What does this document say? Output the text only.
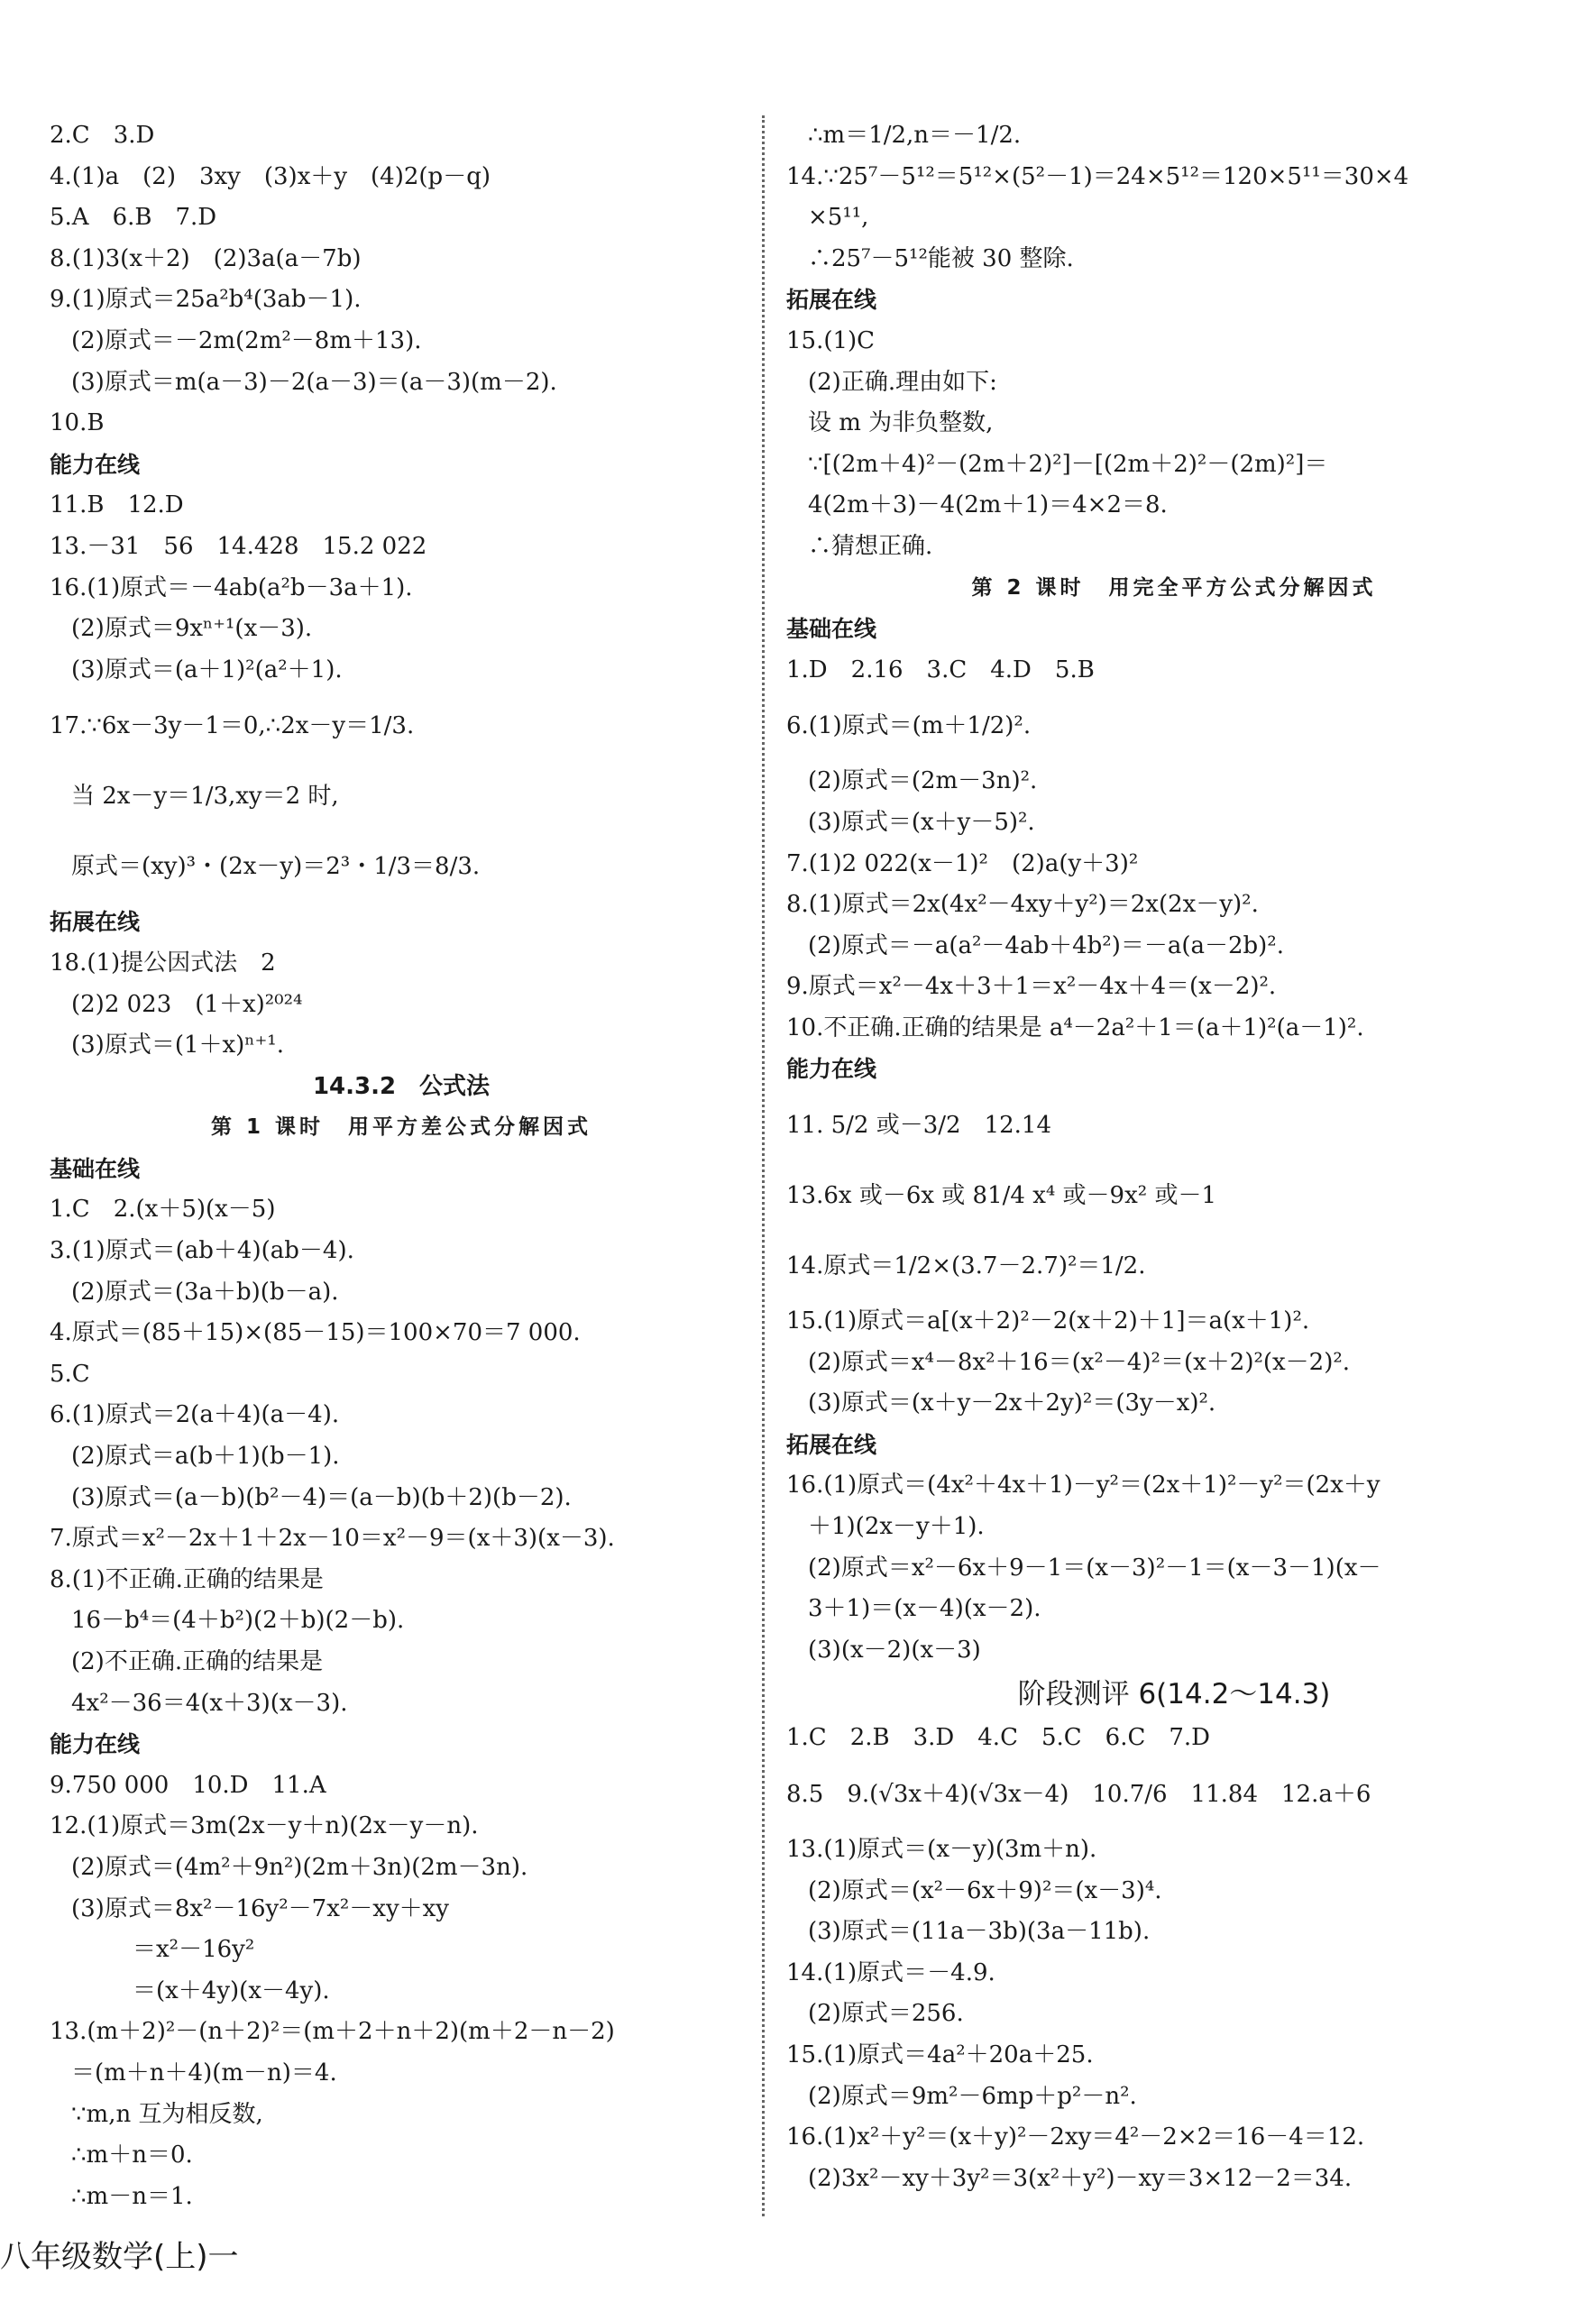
2.C　3.D
4.(1)a　(2)　3xy　(3)x＋y　(4)2(p－q)
5.A　6.B　7.D
8.(1)3(x＋2)　(2)3a(a－7b)
9.(1)原式＝25a²b⁴(3ab－1).
(2)原式＝－2m(2m²－8m＋13).
(3)原式＝m(a－3)－2(a－3)＝(a－3)(m－2).
10.B
能力在线
11.B　12.D
13.－31　56　14.428　15.2 022
16.(1)原式＝－4ab(a²b－3a＋1).
(2)原式＝9xⁿ⁺¹(x－3).
(3)原式＝(a＋1)²(a²＋1).
17.∵6x－3y－1＝0,∴2x－y＝1/3.
当 2x－y＝1/3,xy＝2 时,
原式＝(xy)³・(2x－y)＝2³・1/3＝8/3.
拓展在线
18.(1)提公因式法　2
(2)2 023　(1＋x)²⁰²⁴
(3)原式＝(1＋x)ⁿ⁺¹.
14.3.2　公式法
第 1 课时　用平方差公式分解因式
基础在线
1.C　2.(x＋5)(x－5)
3.(1)原式＝(ab＋4)(ab－4).
(2)原式＝(3a＋b)(b－a).
4.原式＝(85＋15)×(85－15)＝100×70＝7 000.
5.C
6.(1)原式＝2(a＋4)(a－4).
(2)原式＝a(b＋1)(b－1).
(3)原式＝(a－b)(b²－4)＝(a－b)(b＋2)(b－2).
7.原式＝x²－2x＋1＋2x－10＝x²－9＝(x＋3)(x－3).
8.(1)不正确.正确的结果是
16－b⁴＝(4＋b²)(2＋b)(2－b).
(2)不正确.正确的结果是
4x²－36＝4(x＋3)(x－3).
能力在线
9.750 000　10.D　11.A
12.(1)原式＝3m(2x－y＋n)(2x－y－n).
(2)原式＝(4m²＋9n²)(2m＋3n)(2m－3n).
(3)原式＝8x²－16y²－7x²－xy＋xy
＝x²－16y²
＝(x＋4y)(x－4y).
13.(m＋2)²－(n＋2)²＝(m＋2＋n＋2)(m＋2－n－2)
＝(m＋n＋4)(m－n)＝4.
∵m,n 互为相反数,
∴m＋n＝0.
∴m－n＝1.
∴m＝1/2,n＝－1/2.
14.∵25⁷－5¹²＝5¹²×(5²－1)＝24×5¹²＝120×5¹¹＝30×4
×5¹¹,
∴25⁷－5¹²能被 30 整除.
拓展在线
15.(1)C
(2)正确.理由如下:
设 m 为非负整数,
∵[(2m＋4)²－(2m＋2)²]－[(2m＋2)²－(2m)²]＝
4(2m＋3)－4(2m＋1)＝4×2＝8.
∴猜想正确.
第 2 课时　用完全平方公式分解因式
基础在线
1.D　2.16　3.C　4.D　5.B
6.(1)原式＝(m＋1/2)².
(2)原式＝(2m－3n)².
(3)原式＝(x＋y－5)².
7.(1)2 022(x－1)²　(2)a(y＋3)²
8.(1)原式＝2x(4x²－4xy＋y²)＝2x(2x－y)².
(2)原式＝－a(a²－4ab＋4b²)＝－a(a－2b)².
9.原式＝x²－4x＋3＋1＝x²－4x＋4＝(x－2)².
10.不正确.正确的结果是 a⁴－2a²＋1＝(a＋1)²(a－1)².
能力在线
11. 5/2 或－3/2　12.14
13.6x 或－6x 或 81/4 x⁴ 或－9x² 或－1
14.原式＝1/2×(3.7－2.7)²＝1/2.
15.(1)原式＝a[(x＋2)²－2(x＋2)＋1]＝a(x＋1)².
(2)原式＝x⁴－8x²＋16＝(x²－4)²＝(x＋2)²(x－2)².
(3)原式＝(x＋y－2x＋2y)²＝(3y－x)².
拓展在线
16.(1)原式＝(4x²＋4x＋1)－y²＝(2x＋1)²－y²＝(2x＋y
＋1)(2x－y＋1).
(2)原式＝x²－6x＋9－1＝(x－3)²－1＝(x－3－1)(x－
3＋1)＝(x－4)(x－2).
(3)(x－2)(x－3)
阶段测评 6(14.2～14.3)
1.C　2.B　3.D　4.C　5.C　6.C　7.D
8.5　9.(√3x＋4)(√3x－4)　10.7/6　11.84　12.a＋6
13.(1)原式＝(x－y)(3m＋n).
(2)原式＝(x²－6x＋9)²＝(x－3)⁴.
(3)原式＝(11a－3b)(3a－11b).
14.(1)原式＝－4.9.
(2)原式＝256.
15.(1)原式＝4a²＋20a＋25.
(2)原式＝9m²－6mp＋p²－n².
16.(1)x²＋y²＝(x＋y)²－2xy＝4²－2×2＝16－4＝12.
(2)3x²－xy＋3y²＝3(x²＋y²)－xy＝3×12－2＝34.
八年级数学(上)一
